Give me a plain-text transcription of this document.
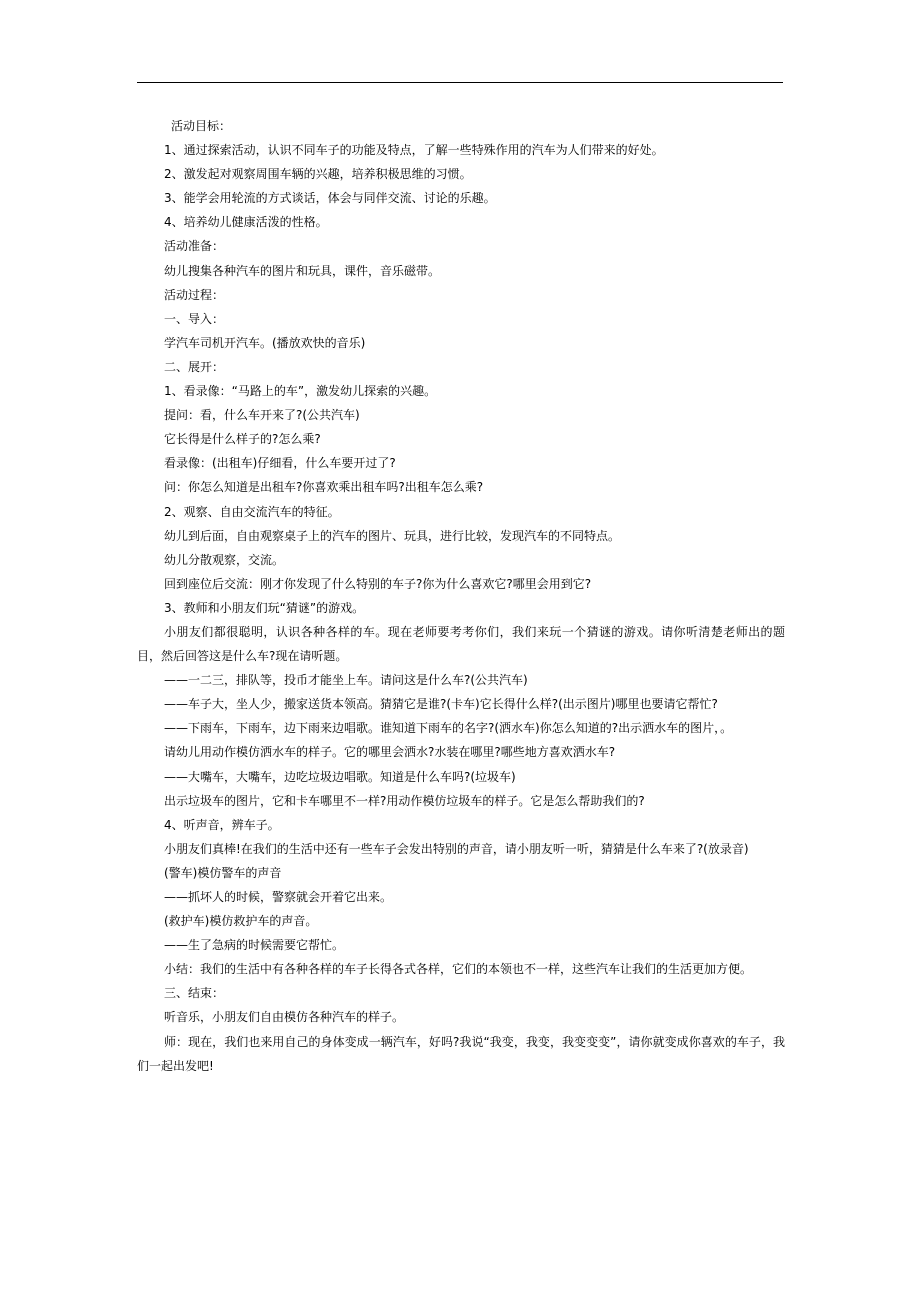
活动目标：

1、通过探索活动，认识不同车子的功能及特点，了解一些特殊作用的汽车为人们带来的好处。

2、激发起对观察周围车辆的兴趣，培养积极思维的习惯。

3、能学会用轮流的方式谈话，体会与同伴交流、讨论的乐趣。

4、培养幼儿健康活泼的性格。

活动准备：

幼儿搜集各种汽车的图片和玩具，课件，音乐磁带。

活动过程：

一、导入：

学汽车司机开汽车。(播放欢快的音乐)

二、展开：

1、看录像：“马路上的车”，激发幼儿探索的兴趣。

提问：看，什么车开来了?(公共汽车)

它长得是什么样子的?怎么乘?

看录像：(出租车)仔细看，什么车要开过了?

问：你怎么知道是出租车?你喜欢乘出租车吗?出租车怎么乘?

2、观察、自由交流汽车的特征。

幼儿到后面，自由观察桌子上的汽车的图片、玩具，进行比较，发现汽车的不同特点。

幼儿分散观察，交流。

回到座位后交流：刚才你发现了什么特别的车子?你为什么喜欢它?哪里会用到它?

3、教师和小朋友们玩“猜谜”的游戏。

小朋友们都很聪明，认识各种各样的车。现在老师要考考你们，我们来玩一个猜谜的游戏。请你听清楚老师出的题目，然后回答这是什么车?现在请听题。

——一二三，排队等，投币才能坐上车。请问这是什么车?(公共汽车)

——车子大，坐人少，搬家送货本领高。猜猜它是谁?(卡车)它长得什么样?(出示图片)哪里也要请它帮忙?

——下雨车，下雨车，边下雨来边唱歌。谁知道下雨车的名字?(洒水车)你怎么知道的?出示洒水车的图片，。

请幼儿用动作模仿洒水车的样子。它的哪里会洒水?水装在哪里?哪些地方喜欢洒水车?

——大嘴车，大嘴车，边吃垃圾边唱歌。知道是什么车吗?(垃圾车)

出示垃圾车的图片，它和卡车哪里不一样?用动作模仿垃圾车的样子。它是怎么帮助我们的?

4、听声音，辨车子。

小朋友们真棒!在我们的生活中还有一些车子会发出特别的声音，请小朋友听一听，猜猜是什么车来了?(放录音)

(警车)模仿警车的声音

——抓坏人的时候，警察就会开着它出来。

(救护车)模仿救护车的声音。

——生了急病的时候需要它帮忙。

小结：我们的生活中有各种各样的车子长得各式各样，它们的本领也不一样，这些汽车让我们的生活更加方便。

三、结束：

听音乐，小朋友们自由模仿各种汽车的样子。

师：现在，我们也来用自己的身体变成一辆汽车，好吗?我说“我变，我变，我变变变”，请你就变成你喜欢的车子，我们一起出发吧!
